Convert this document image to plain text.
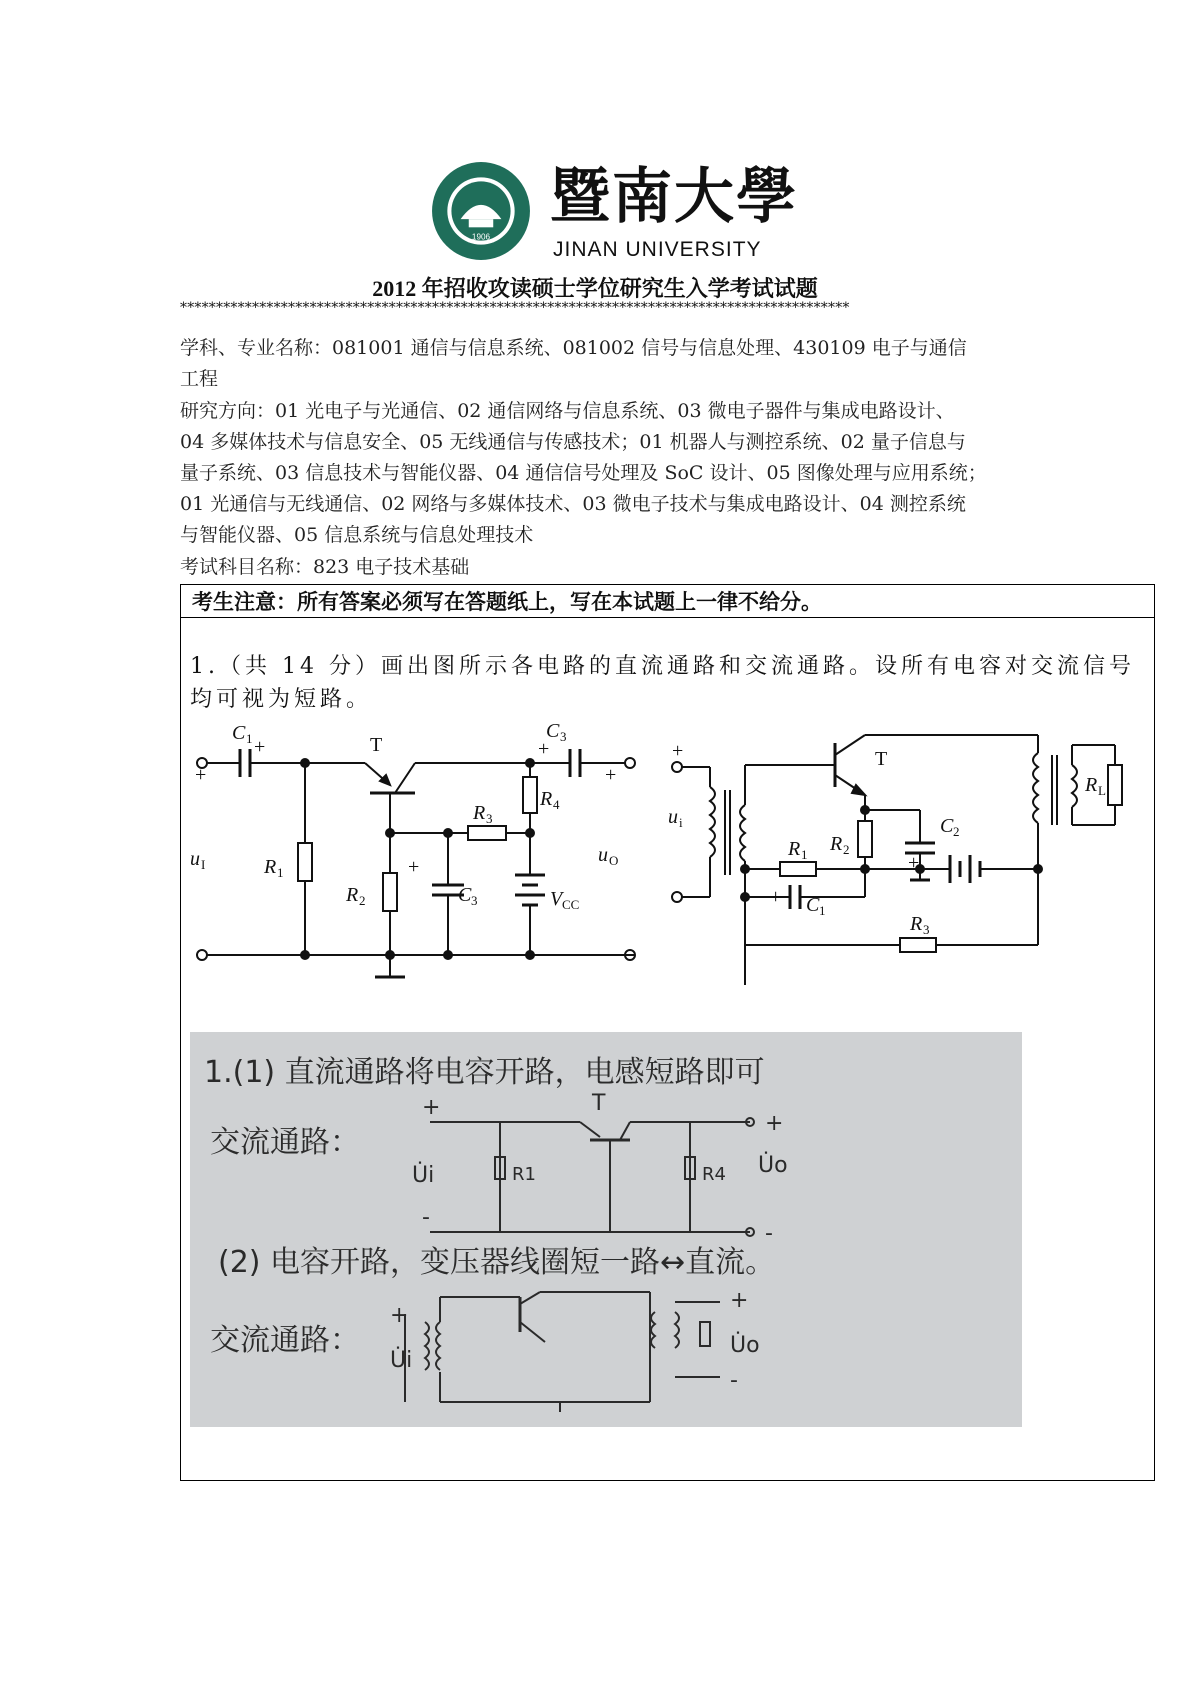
1906
暨南大學
JINAN UNIVERSITY
2012 年招收攻读硕士学位研究生入学考试试题
*********************************************************************************************
学科、专业名称：081001 通信与信息系统、081002 信号与信息处理、430109 电子与通信
工程
研究方向：01 光电子与光通信、02 通信网络与信息系统、03 微电子器件与集成电路设计、
04 多媒体技术与信息安全、05 无线通信与传感技术；01 机器人与测控系统、02 量子信息与
量子系统、03 信息技术与智能仪器、04 通信信号处理及 SoC 设计、05 图像处理与应用系统；
01 光通信与无线通信、02 网络与多媒体技术、03 微电子技术与集成电路设计、04 测控系统
与智能仪器、05 信息系统与信息处理技术
考试科目名称：823 电子技术基础
考生注意：所有答案必须写在答题纸上，写在本试题上一律不给分。
1.（共 14 分）画出图所示各电路的直流通路和交流通路。设所有电容对交流信号均可视为短路。
C 1 +
+
T
C 3
+
+
u I	R 1
R 2
+
C 3
R 3
R 4
V CC
u O
+
u i
T
C 2
+
R 2
R 1
+ C 1
R 3
R L
1.(1) 直流通路将电容开路，电感短路即可
交流通路：
(2) 电容开路，变压器线圈短一路↔直流。
交流通路：
+
-
U̇i	R1
T
R4 U̇o
+
-
+
U̇i
+
U̇o
-
